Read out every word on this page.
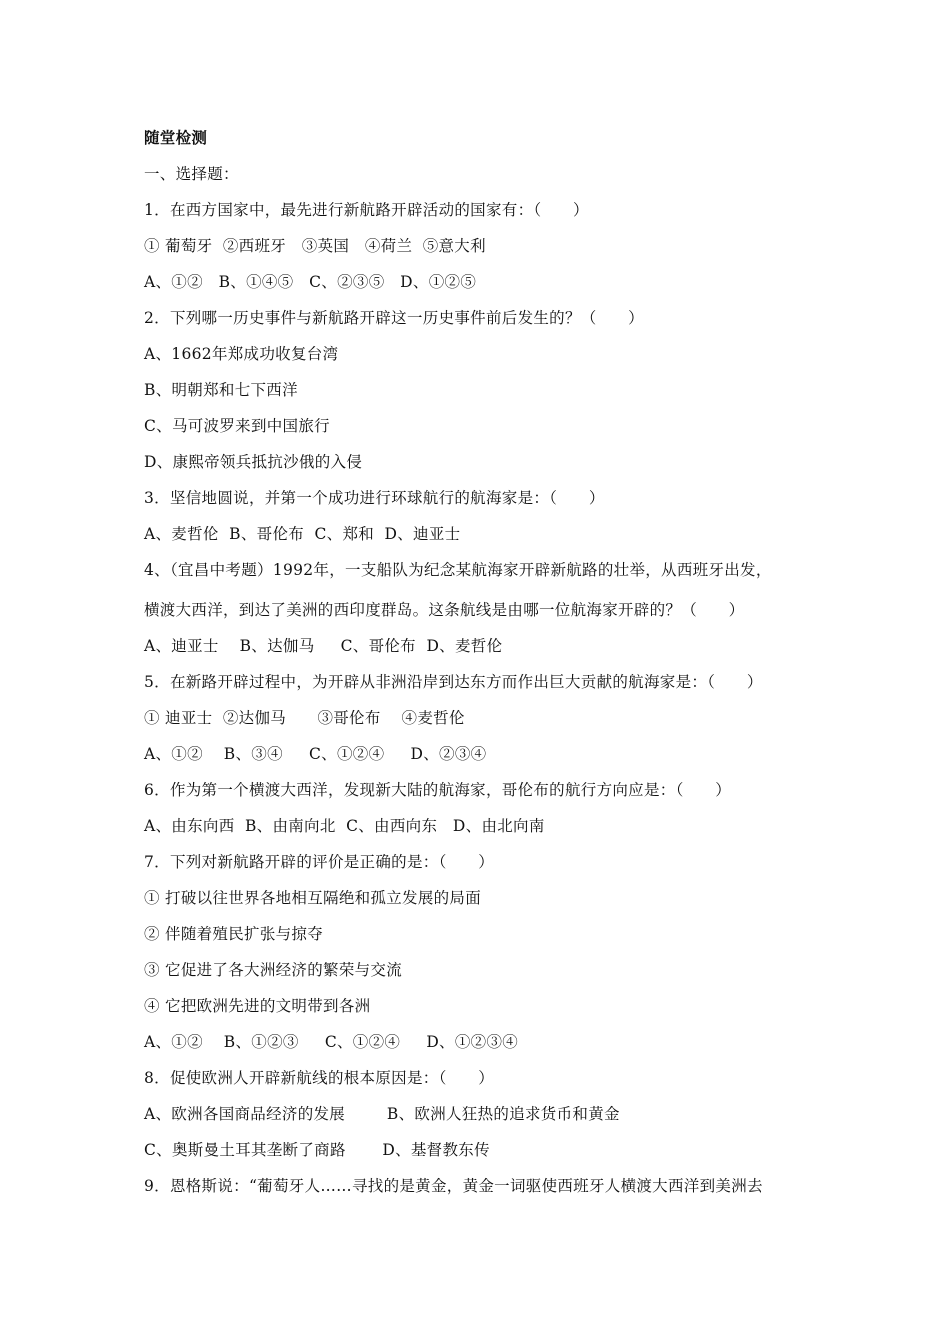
随堂检测
一、选择题：
1．在西方国家中，最先进行新航路开辟活动的国家有：（　　）
① 葡萄牙  ②西班牙   ③英国   ④荷兰  ⑤意大利
A、①②   B、①④⑤   C、②③⑤   D、①②⑤
2．下列哪一历史事件与新航路开辟这一历史事件前后发生的？（　　）
A、1662年郑成功收复台湾
B、明朝郑和七下西洋
C、马可波罗来到中国旅行
D、康熙帝领兵抵抗沙俄的入侵
3．坚信地圆说，并第一个成功进行环球航行的航海家是：（　　）
A、麦哲伦  B、哥伦布  C、郑和  D、迪亚士
4、（宜昌中考题）1992年，一支船队为纪念某航海家开辟新航路的壮举，从西班牙出发，
横渡大西洋，到达了美洲的西印度群岛。这条航线是由哪一位航海家开辟的？（　　）
A、迪亚士    B、达伽马     C、哥伦布  D、麦哲伦
5．在新路开辟过程中，为开辟从非洲沿岸到达东方而作出巨大贡献的航海家是：（　　）
① 迪亚士  ②达伽马      ③哥伦布    ④麦哲伦
A、①②    B、③④     C、①②④     D、②③④
6．作为第一个横渡大西洋，发现新大陆的航海家，哥伦布的航行方向应是：（　　）
A、由东向西  B、由南向北  C、由西向东   D、由北向南
7．下列对新航路开辟的评价是正确的是：（　　）
① 打破以往世界各地相互隔绝和孤立发展的局面
② 伴随着殖民扩张与掠夺
③ 它促进了各大洲经济的繁荣与交流
④ 它把欧洲先进的文明带到各洲
A、①②    B、①②③     C、①②④     D、①②③④
8．促使欧洲人开辟新航线的根本原因是：（　　）
A、欧洲各国商品经济的发展        B、欧洲人狂热的追求货币和黄金
C、奥斯曼土耳其垄断了商路       D、基督教东传
9．恩格斯说：“葡萄牙人……寻找的是黄金，黄金一词驱使西班牙人横渡大西洋到美洲去
